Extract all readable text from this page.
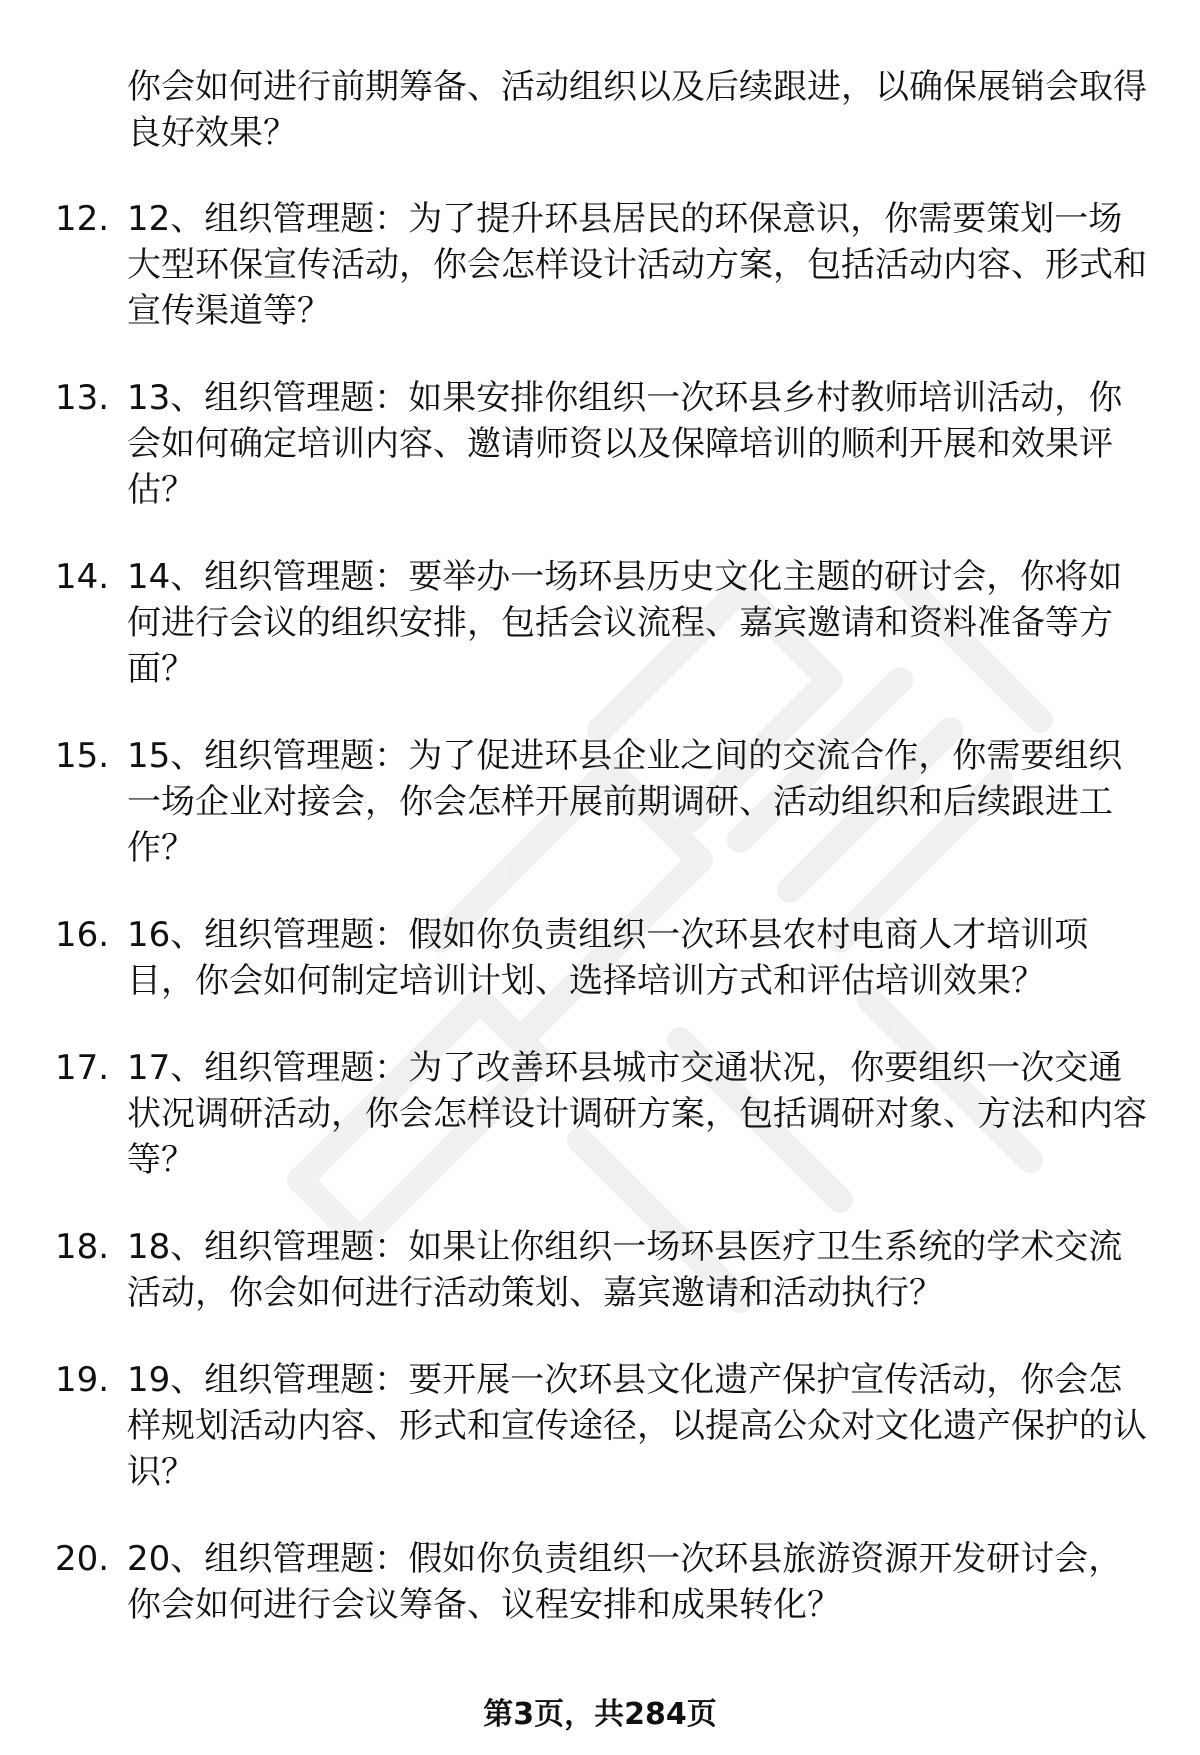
你会如何进行前期筹备、活动组织以及后续跟进，以确保展销会取得良好效果？
12. 12、组织管理题：为了提升环县居民的环保意识，你需要策划一场大型环保宣传活动，你会怎样设计活动方案，包括活动内容、形式和宣传渠道等？
13. 13、组织管理题：如果安排你组织一次环县乡村教师培训活动，你会如何确定培训内容、邀请师资以及保障培训的顺利开展和效果评估？
14. 14、组织管理题：要举办一场环县历史文化主题的研讨会，你将如何进行会议的组织安排，包括会议流程、嘉宾邀请和资料准备等方面？
15. 15、组织管理题：为了促进环县企业之间的交流合作，你需要组织一场企业对接会，你会怎样开展前期调研、活动组织和后续跟进工作？
16. 16、组织管理题：假如你负责组织一次环县农村电商人才培训项目，你会如何制定培训计划、选择培训方式和评估培训效果？
17. 17、组织管理题：为了改善环县城市交通状况，你要组织一次交通状况调研活动，你会怎样设计调研方案，包括调研对象、方法和内容等？
18. 18、组织管理题：如果让你组织一场环县医疗卫生系统的学术交流活动，你会如何进行活动策划、嘉宾邀请和活动执行？
19. 19、组织管理题：要开展一次环县文化遗产保护宣传活动，你会怎样规划活动内容、形式和宣传途径，以提高公众对文化遗产保护的认识？
20. 20、组织管理题：假如你负责组织一次环县旅游资源开发研讨会，你会如何进行会议筹备、议程安排和成果转化？
第3页，共284页
